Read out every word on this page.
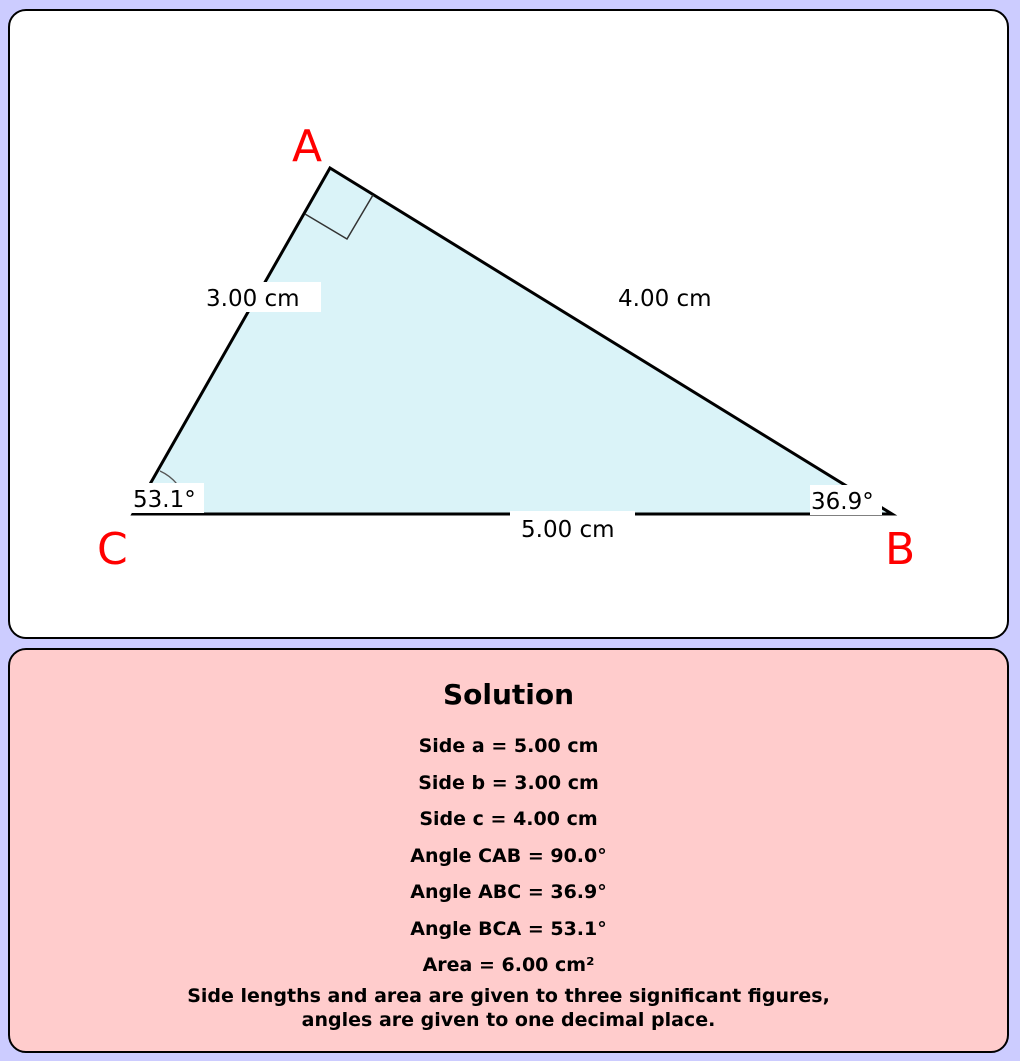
3.00 cm	4.00 cm
5.00 cm
53.1°	36.9°
A
C	B
Solution
Side a = 5.00 cm
Side b = 3.00 cm
Side c = 4.00 cm
Angle CAB = 90.0°
Angle ABC = 36.9°
Angle BCA = 53.1°
Area = 6.00 cm²
Side lengths and area are given to three significant figures,
angles are given to one decimal place.
